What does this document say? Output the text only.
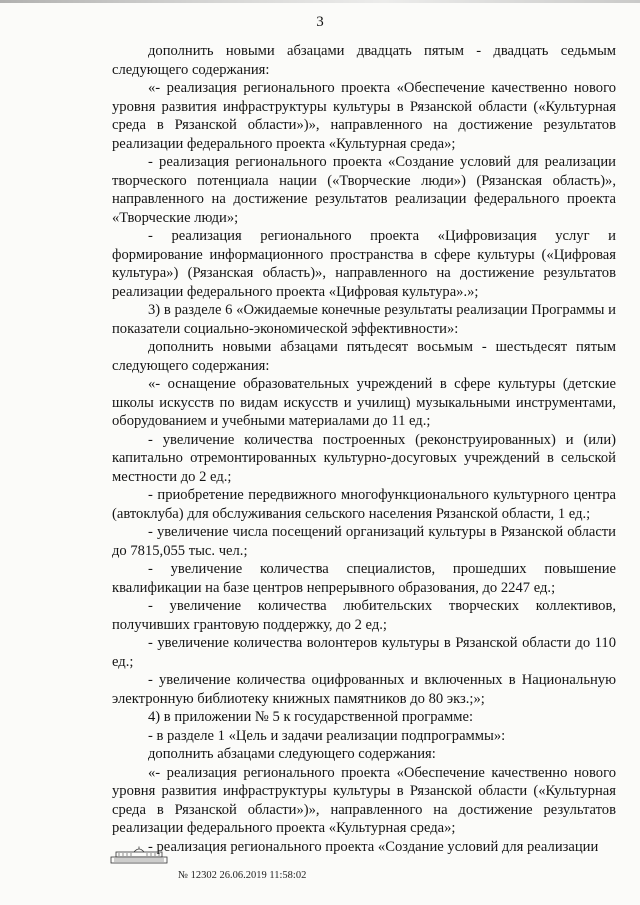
3

дополнить новыми абзацами двадцать пятым - двадцать седьмым следующего содержания:

«- реализация регионального проекта «Обеспечение качественно нового уровня развития инфраструктуры культуры в Рязанской области («Культурная среда в Рязанской области»)», направленного на достижение результатов реализации федерального проекта «Культурная среда»;

- реализация регионального проекта «Создание условий для реализации творческого потенциала нации («Творческие люди») (Рязанская область)», направленного на достижение результатов реализации федерального проекта «Творческие люди»;

- реализация регионального проекта «Цифровизация услуг и формирование информационного пространства в сфере культуры («Цифровая культура») (Рязанская область)», направленного на достижение результатов реализации федерального проекта «Цифровая культура».»;

3) в разделе 6 «Ожидаемые конечные результаты реализации Программы и показатели социально-экономической эффективности»:

дополнить новыми абзацами пятьдесят восьмым - шестьдесят пятым следующего содержания:

«- оснащение образовательных учреждений в сфере культуры (детские школы искусств по видам искусств и училищ) музыкальными инструментами, оборудованием и учебными материалами до 11 ед.;

- увеличение количества построенных (реконструированных) и (или) капитально отремонтированных культурно-досуговых учреждений в сельской местности до 2 ед.;

- приобретение передвижного многофункционального культурного центра (автоклуба) для обслуживания сельского населения Рязанской области, 1 ед.;

- увеличение числа посещений организаций культуры в Рязанской области до 7815,055 тыс. чел.;

- увеличение количества специалистов, прошедших повышение квалификации на базе центров непрерывного образования, до 2247 ед.;

- увеличение количества любительских творческих коллективов, получивших грантовую поддержку, до 2 ед.;

- увеличение количества волонтеров культуры в Рязанской области до 110 ед.;

- увеличение количества оцифрованных и включенных в Национальную электронную библиотеку книжных памятников до 80 экз.;»;

4) в приложении № 5 к государственной программе:

- в разделе 1 «Цель и задачи реализации подпрограммы»:

дополнить абзацами следующего содержания:

«- реализация регионального проекта «Обеспечение качественно нового уровня развития инфраструктуры культуры в Рязанской области («Культурная среда в Рязанской области»)», направленного на достижение результатов реализации федерального проекта «Культурная среда»;

- реализация регионального проекта «Создание условий для реализации

№ 12302 26.06.2019 11:58:02
